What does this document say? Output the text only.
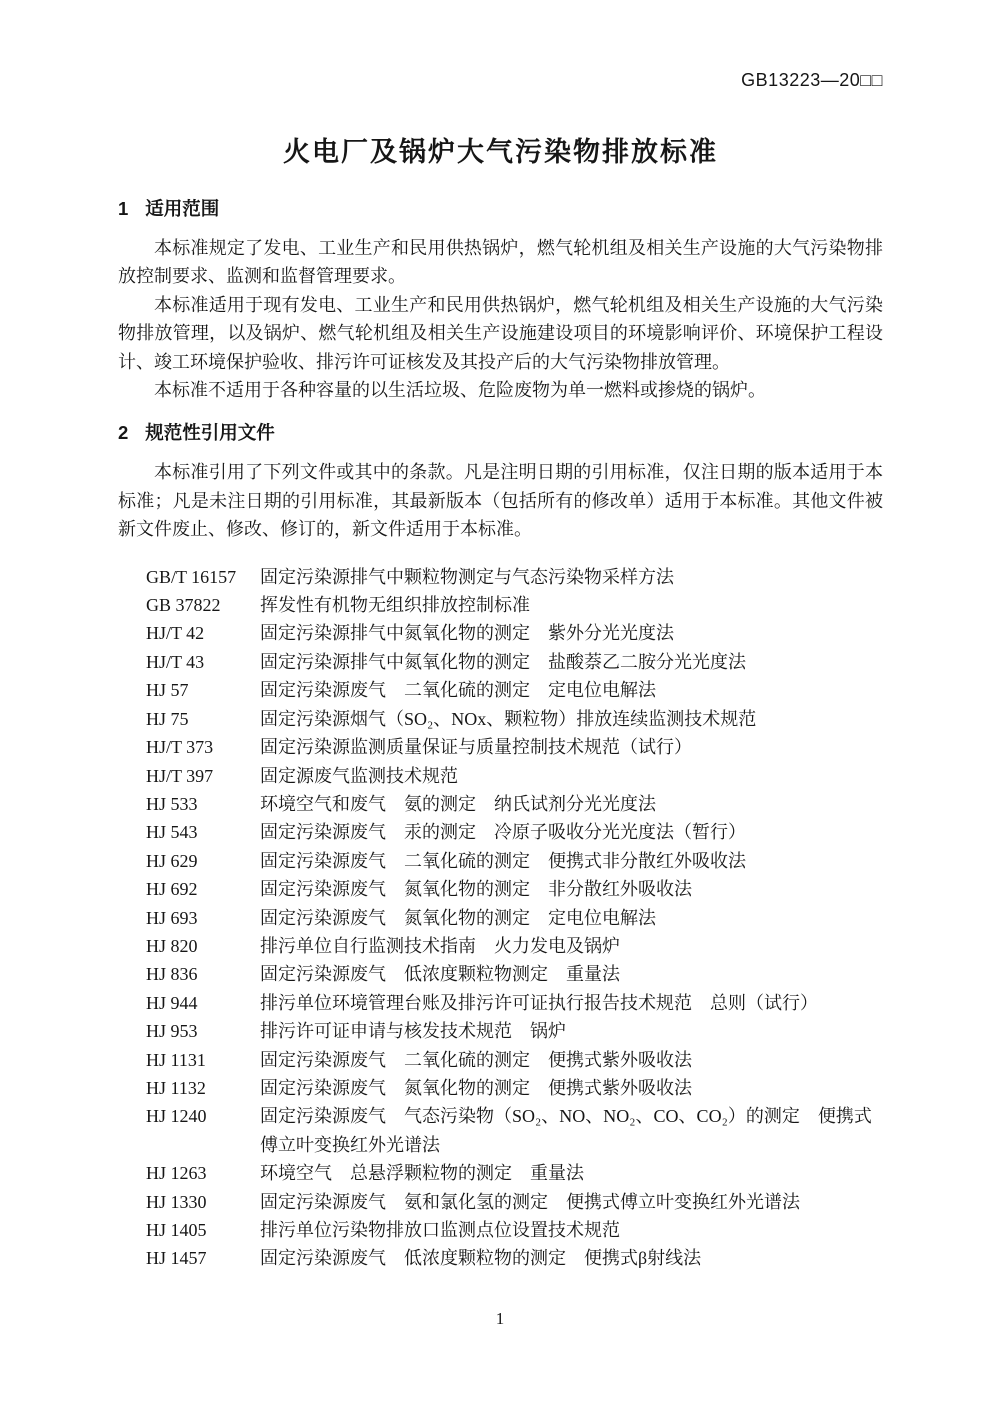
GB13223—20□□
火电厂及锅炉大气污染物排放标准
1 适用范围

本标准规定了发电、工业生产和民用供热锅炉，燃气轮机组及相关生产设施的大气污染物排放控制要求、监测和监督管理要求。

本标准适用于现有发电、工业生产和民用供热锅炉，燃气轮机组及相关生产设施的大气污染物排放管理，以及锅炉、燃气轮机组及相关生产设施建设项目的环境影响评价、环境保护工程设计、竣工环境保护验收、排污许可证核发及其投产后的大气污染物排放管理。

本标准不适用于各种容量的以生活垃圾、危险废物为单一燃料或掺烧的锅炉。

2 规范性引用文件

本标准引用了下列文件或其中的条款。凡是注明日期的引用标准，仅注日期的版本适用于本标准；凡是未注日期的引用标准，其最新版本（包括所有的修改单）适用于本标准。其他文件被新文件废止、修改、修订的，新文件适用于本标准。

GB/T 16157	固定污染源排气中颗粒物测定与气态污染物采样方法
GB 37822	挥发性有机物无组织排放控制标准
HJ/T 42	固定污染源排气中氮氧化物的测定　紫外分光光度法
HJ/T 43	固定污染源排气中氮氧化物的测定　盐酸萘乙二胺分光光度法
HJ 57	固定污染源废气　二氧化硫的测定　定电位电解法
HJ 75	固定污染源烟气（SO₂、NOx、颗粒物）排放连续监测技术规范
HJ/T 373	固定污染源监测质量保证与质量控制技术规范（试行）
HJ/T 397	固定源废气监测技术规范
HJ 533	环境空气和废气　氨的测定　纳氏试剂分光光度法
HJ 543	固定污染源废气　汞的测定　冷原子吸收分光光度法（暂行）
HJ 629	固定污染源废气　二氧化硫的测定　便携式非分散红外吸收法
HJ 692	固定污染源废气　氮氧化物的测定　非分散红外吸收法
HJ 693	固定污染源废气　氮氧化物的测定　定电位电解法
HJ 820	排污单位自行监测技术指南　火力发电及锅炉
HJ 836	固定污染源废气　低浓度颗粒物测定　重量法
HJ 944	排污单位环境管理台账及排污许可证执行报告技术规范　总则（试行）
HJ 953	排污许可证申请与核发技术规范　锅炉
HJ 1131	固定污染源废气　二氧化硫的测定　便携式紫外吸收法
HJ 1132	固定污染源废气　氮氧化物的测定　便携式紫外吸收法
HJ 1240	固定污染源废气　气态污染物（SO₂、NO、NO₂、CO、CO₂）的测定　便携式傅立叶变换红外光谱法
HJ 1263	环境空气　总悬浮颗粒物的测定　重量法
HJ 1330	固定污染源废气　氨和氯化氢的测定　便携式傅立叶变换红外光谱法
HJ 1405	排污单位污染物排放口监测点位设置技术规范
HJ 1457	固定污染源废气　低浓度颗粒物的测定　便携式β射线法
1
